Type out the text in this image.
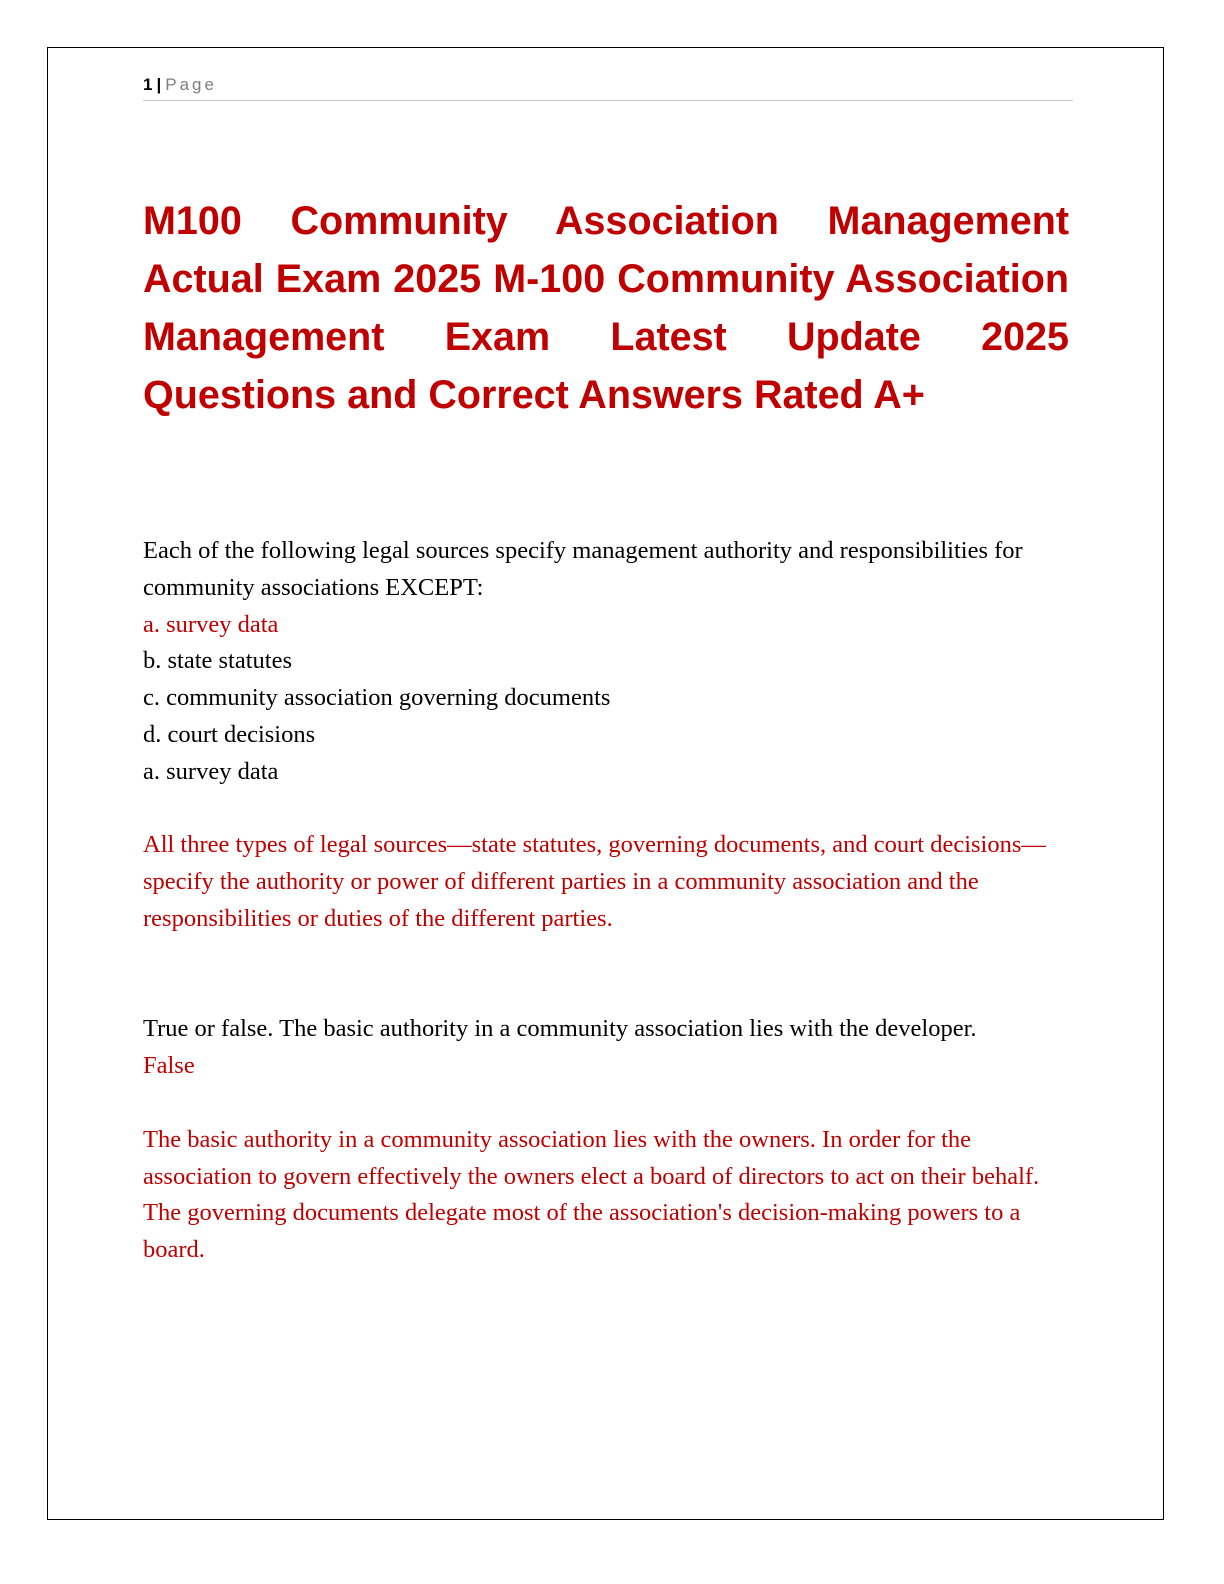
1 | Page
M100 Community Association Management Actual Exam 2025 M-100 Community Association Management Exam Latest Update 2025 Questions and Correct Answers Rated A+

Each of the following legal sources specify management authority and responsibilities for community associations EXCEPT:

a. survey data

b. state statutes

c. community association governing documents

d. court decisions

a. survey data

All three types of legal sources—state statutes, governing documents, and court decisions—specify the authority or power of different parties in a community association and the responsibilities or duties of the different parties.

True or false. The basic authority in a community association lies with the developer.

False

The basic authority in a community association lies with the owners. In order for the association to govern effectively the owners elect a board of directors to act on their behalf. The governing documents delegate most of the association's decision-making powers to a board.
